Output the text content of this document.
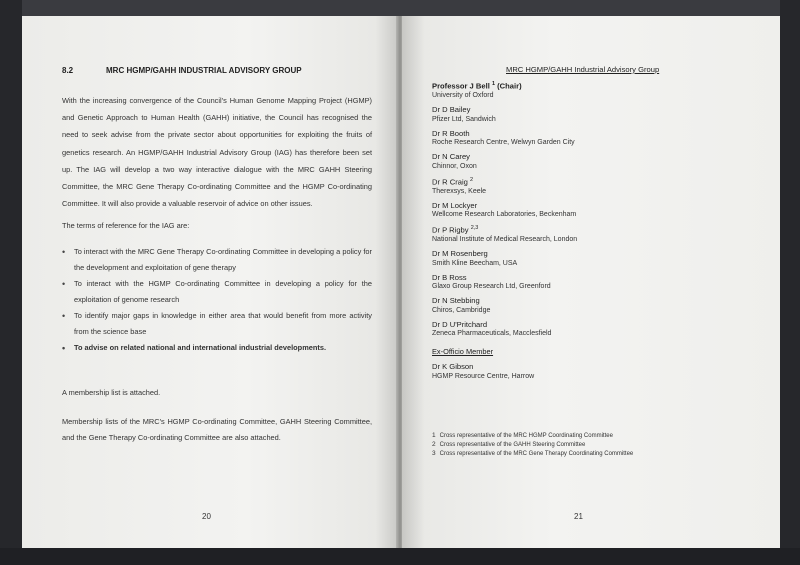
8.2	MRC HGMP/GAHH INDUSTRIAL ADVISORY GROUP
With the increasing convergence of the Council's Human Genome Mapping Project (HGMP) and Genetic Approach to Human Health (GAHH) initiative, the Council has recognised the need to seek advise from the private sector about opportunities for exploiting the fruits of genetics research. An HGMP/GAHH Industrial Advisory Group (IAG) has therefore been set up. The IAG will develop a two way interactive dialogue with the MRC GAHH Steering Committee, the MRC Gene Therapy Co-ordinating Committee and the HGMP Co-ordinating Committee. It will also provide a valuable reservoir of advice on other issues.
The terms of reference for the IAG are:
• To interact with the MRC Gene Therapy Co-ordinating Committee in developing a policy for the development and exploitation of gene therapy
• To interact with the HGMP Co-ordinating Committee in developing a policy for the exploitation of genome research
• To identify major gaps in knowledge in either area that would benefit from more activity from the science base
• To advise on related national and international industrial developments.
A membership list is attached.
Membership lists of the MRC's HGMP Co-ordinating Committee, GAHH Steering Committee, and the Gene Therapy Co-ordinating Committee are also attached.
20
MRC HGMP/GAHH Industrial Advisory Group
Professor J Bell $^1$ (Chair)
University of Oxford
Dr D Bailey
Pfizer Ltd, Sandwich
Dr R Booth
Roche Research Centre, Welwyn Garden City
Dr N Carey
Chinnor, Oxon
Dr R Craig $^2$
Therexsys, Keele
Dr M Lockyer
Wellcome Research Laboratories, Beckenham
Dr P Rigby $^{2,3}$
National Institute of Medical Research, London
Dr M Rosenberg
Smith Kline Beecham, USA
Dr B Ross
Glaxo Group Research Ltd, Greenford
Dr N Stebbing
Chiros, Cambridge
Dr D U'Pritchard
Zeneca Pharmaceuticals, Macclesfield
Ex-Officio Member
Dr K Gibson
HGMP Resource Centre, Harrow
1 Cross representative of the MRC HGMP Coordinating Committee
2 Cross representative of the GAHH Steering Committee
3 Cross representative of the MRC Gene Therapy Coordinating Committee
21
